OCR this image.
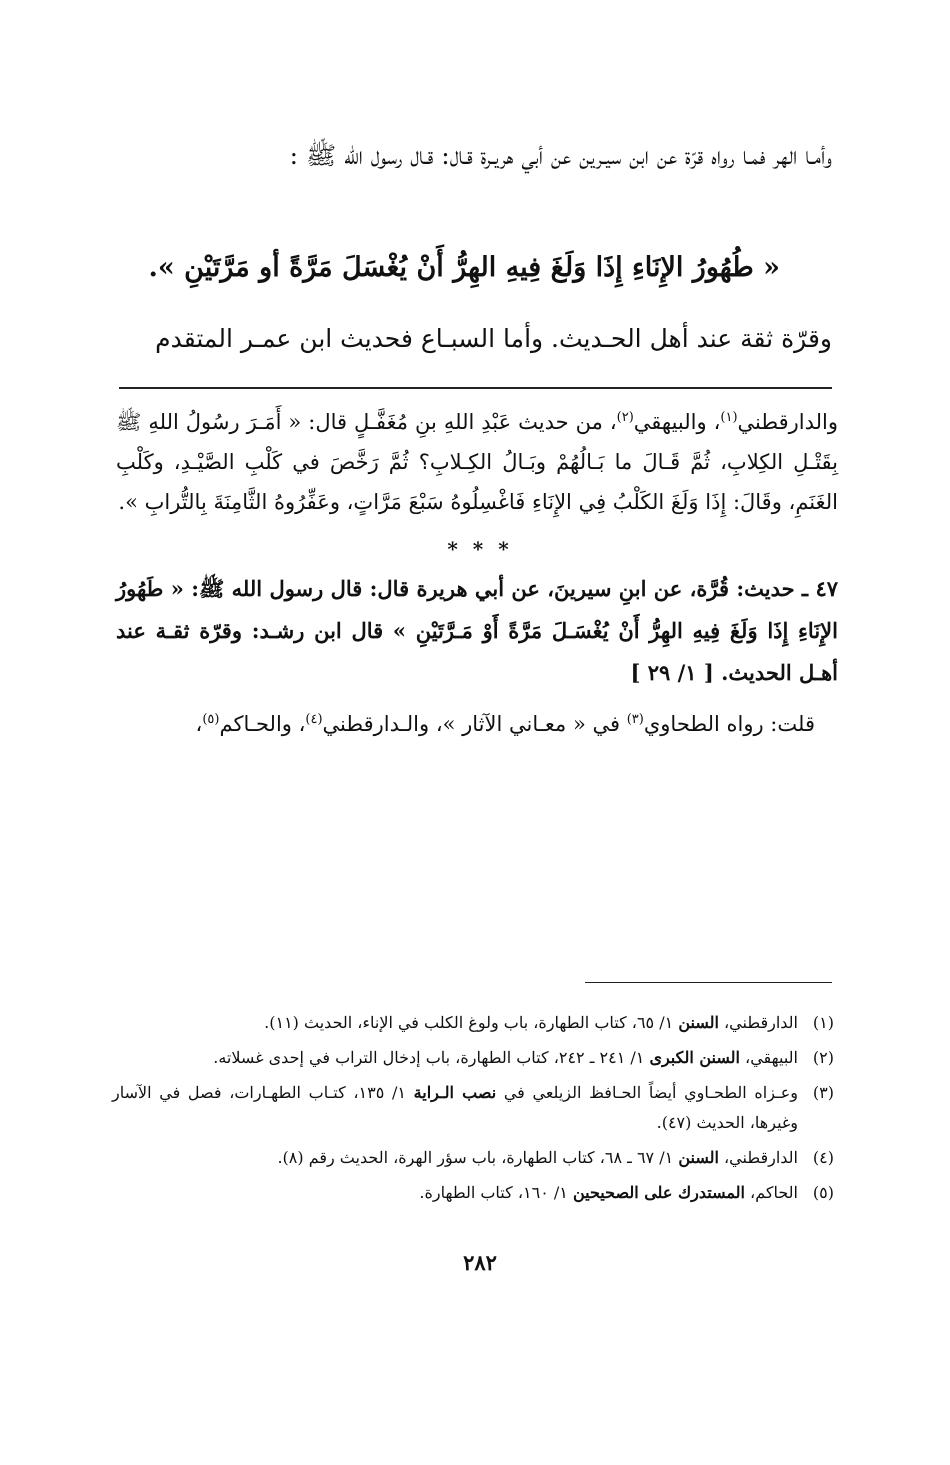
وأمـا الهر فمـا رواه قرّة عن ابن سيـرين عن أبي هريـرة قـال: قـال رسول الله ﷺ :

« طُهُورُ الإِنَاءِ إِذَا وَلَغَ فِيهِ الهِرُّ أَنْ يُغْسَلَ مَرَّةً أو مَرَّتَيْنِ ».

وقرّة ثقة عند أهل الحـديث. وأما السبـاع فحديث ابن عمـر المتقدم

والدارقطني$^{(١)}$، والبيهقي$^{(٢)}$، من حديث عَبْدِ اللهِ بنِ مُغَفَّـلٍ قال: « أَمَـرَ رسُولُ اللهِ ﷺ بِقَتْـلِ الكِلابِ، ثُمَّ قَـالَ ما بَـالُهُمْ وبَـالُ الكِـلابِ؟ ثُمَّ رَخَّصَ في كَلْبِ الصَّيْـدِ، وكَلْبِ الغَنَمِ، وقَالَ: إِذَا وَلَغَ الكَلْبُ فِي الإِنَاءِ فَاغْسِلُوهُ سَبْعَ مَرَّاتٍ، وعَفِّرُوهُ الثَّامِنَةَ بِالتُّرابِ ».

* * *

٤٧ ـ حديث: قُرَّة، عن ابنِ سيرينَ، عن أبي هريرة قال: قال رسول الله ﷺ: « طَهُورُ الإِنَاءِ إِذَا وَلَغَ فِيهِ الهِرُّ أَنْ يُغْسَـلَ مَرَّةً أَوْ مَـرَّتَيْنِ » قال ابن رشـد: وقرّة ثقـة عند أهـل الحديث. [ ١/ ٢٩ ]

قلت: رواه الطحاوي$^{(٣)}$ في « معـاني الآثار »، والـدارقطني$^{(٤)}$، والحـاكم$^{(٥)}$،

(١)
الدارقطني، السنن ١/ ٦٥، كتاب الطهارة، باب ولوغ الكلب في الإناء، الحديث (١١).
(٢)
البيهقي، السنن الكبرى ١/ ٢٤١ ـ ٢٤٢، كتاب الطهارة، باب إدخال التراب في إحدى غسلاته.
(٣)
وعـزاه الطحـاوي أيضاً الحـافظ الزيلعي في نصب الـراية ١/ ١٣٥، كتـاب الطهـارات، فصل في الآسار وغيرها، الحديث (٤٧).
(٤)
الدارقطني، السنن ١/ ٦٧ ـ ٦٨، كتاب الطهارة، باب سؤر الهرة، الحديث رقم (٨).
(٥)
الحاكم، المستدرك على الصحيحين ١/ ١٦٠، كتاب الطهارة.
٢٨٢
